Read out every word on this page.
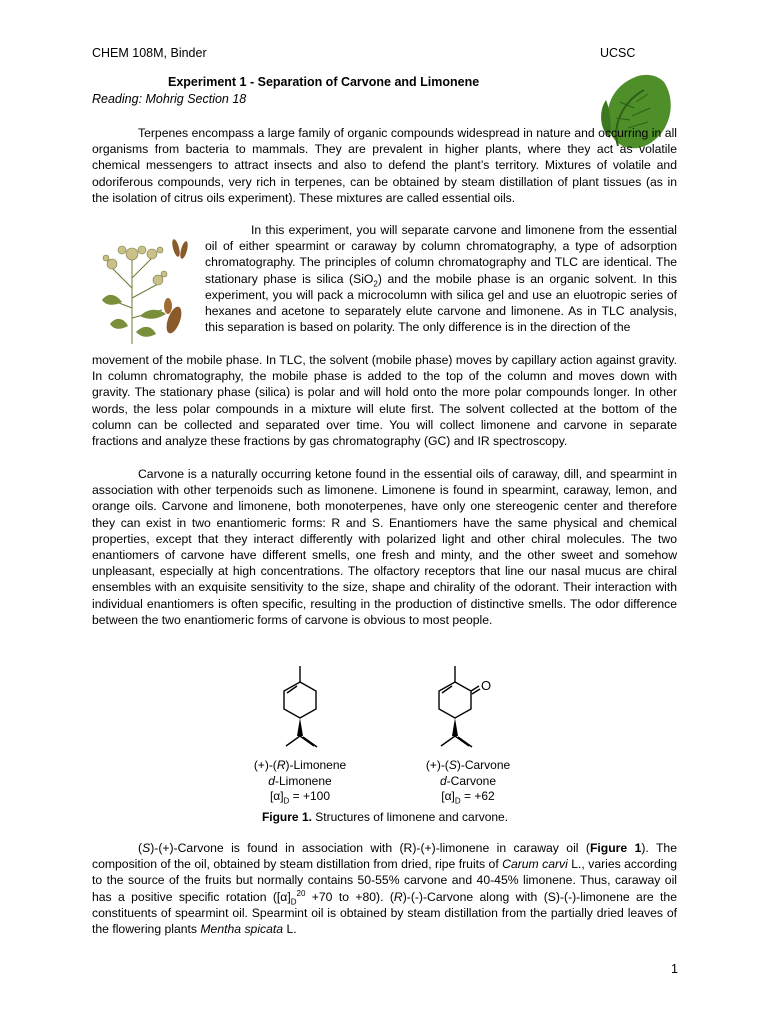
CHEM 108M, Binder	UCSC
Experiment 1 - Separation of Carvone and Limonene
Reading: Mohrig Section 18

Terpenes encompass a large family of organic compounds widespread in nature and occurring in all organisms from bacteria to mammals. They are prevalent in higher plants, where they act as volatile chemical messengers to attract insects and also to defend the plant’s territory. Mixtures of volatile and odoriferous compounds, very rich in terpenes, can be obtained by steam distillation of plant tissues (as in the isolation of citrus oils experiment). These mixtures are called essential oils.

In this experiment, you will separate carvone and limonene from the essential oil of either spearmint or caraway by column chromatography, a type of adsorption chromatography. The principles of column chromatography and TLC are identical. The stationary phase is silica (SiO$_2$) and the mobile phase is an organic solvent. In this experiment, you will pack a microcolumn with silica gel and use an eluotropic series of hexanes and acetone to separately elute carvone and limonene. As in TLC analysis, this separation is based on polarity. The only difference is in the direction of the

movement of the mobile phase. In TLC, the solvent (mobile phase) moves by capillary action against gravity. In column chromatography, the mobile phase is added to the top of the column and moves down with gravity. The stationary phase (silica) is polar and will hold onto the more polar compounds longer. In other words, the less polar compounds in a mixture will elute first. The solvent collected at the bottom of the column can be collected and separated over time. You will collect limonene and carvone in separate fractions and analyze these fractions by gas chromatography (GC) and IR spectroscopy.

Carvone is a naturally occurring ketone found in the essential oils of caraway, dill, and spearmint in association with other terpenoids such as limonene. Limonene is found in spearmint, caraway, lemon, and orange oils. Carvone and limonene, both monoterpenes, have only one stereogenic center and therefore they can exist in two enantiomeric forms: R and S. Enantiomers have the same physical and chemical properties, except that they interact differently with polarized light and other chiral molecules. The two enantiomers of carvone have different smells, one fresh and minty, and the other sweet and somehow unpleasant, especially at high concentrations. The olfactory receptors that line our nasal mucus are chiral ensembles with an exquisite sensitivity to the size, shape and chirality of the odorant. Their interaction with individual enantiomers is often specific, resulting in the production of distinctive smells. The odor difference between the two enantiomeric forms of carvone is obvious to most people.

O
(+)-(R)-Limonene
d-Limonene
$[\alpha]_D = +100$
(+)-(S)-Carvone
d-Carvone
$[\alpha]_D = +62$
Figure 1. Structures of limonene and carvone.

(S)-(+)-Carvone is found in association with (R)-(+)-limonene in caraway oil (Figure 1). The composition of the oil, obtained by steam distillation from dried, ripe fruits of Carum carvi L., varies according to the source of the fruits but normally contains 50-55% carvone and 40-45% limonene. Thus, caraway oil has a positive specific rotation ($[\alpha]_D^{20} +70$ to +80). (R)-(-)-Carvone along with (S)-(-)-limonene are the constituents of spearmint oil. Spearmint oil is obtained by steam distillation from the partially dried leaves of the flowering plants Mentha spicata L.

1
